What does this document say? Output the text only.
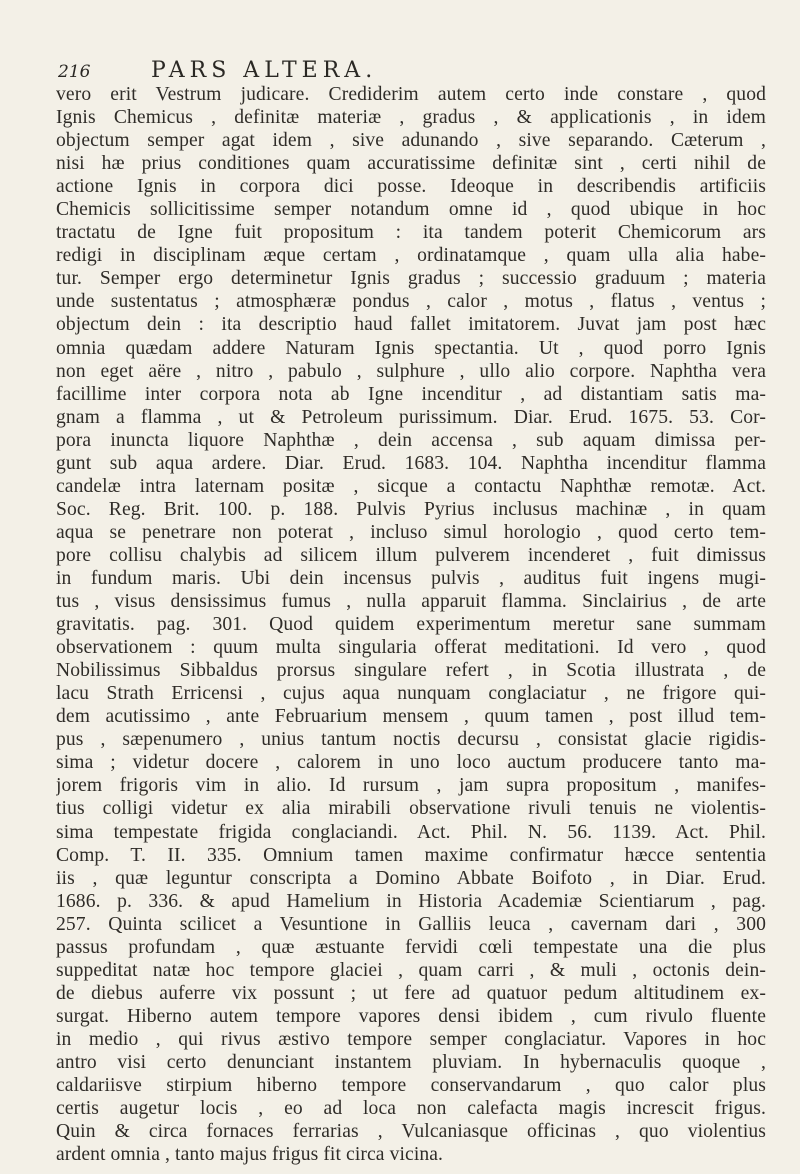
216	PARS ALTERA.
vero erit Vestrum judicare. Crediderim autem certo inde constare , quod
Ignis Chemicus , definitæ materiæ , gradus , & applicationis , in idem
objectum semper agat idem , sive adunando , sive separando. Cæterum ,
nisi hæ prius conditiones quam accuratissime definitæ sint , certi nihil de
actione Ignis in corpora dici posse. Ideoque in describendis artificiis
Chemicis sollicitissime semper notandum omne id , quod ubique in hoc
tractatu de Igne fuit propositum : ita tandem poterit Chemicorum ars
redigi in disciplinam æque certam , ordinatamque , quam ulla alia habe-
tur. Semper ergo determinetur Ignis gradus ; successio graduum ; materia
unde sustentatus ; atmosphæræ pondus , calor , motus , flatus , ventus ;
objectum dein : ita descriptio haud fallet imitatorem. Juvat jam post hæc
omnia quædam addere Naturam Ignis spectantia. Ut , quod porro Ignis
non eget aëre , nitro , pabulo , sulphure , ullo alio corpore. Naphtha vera
facillime inter corpora nota ab Igne incenditur , ad distantiam satis ma-
gnam a flamma , ut & Petroleum purissimum. Diar. Erud. 1675. 53. Cor-
pora inuncta liquore Naphthæ , dein accensa , sub aquam dimissa per-
gunt sub aqua ardere. Diar. Erud. 1683. 104. Naphtha incenditur flamma
candelæ intra laternam positæ , sicque a contactu Naphthæ remotæ. Act.
Soc. Reg. Brit. 100. p. 188. Pulvis Pyrius inclusus machinæ , in quam
aqua se penetrare non poterat , incluso simul horologio , quod certo tem-
pore collisu chalybis ad silicem illum pulverem incenderet , fuit dimissus
in fundum maris. Ubi dein incensus pulvis , auditus fuit ingens mugi-
tus , visus densissimus fumus , nulla apparuit flamma. Sinclairius , de arte
gravitatis. pag. 301. Quod quidem experimentum meretur sane summam
observationem : quum multa singularia offerat meditationi. Id vero , quod
Nobilissimus Sibbaldus prorsus singulare refert , in Scotia illustrata , de
lacu Strath Erricensi , cujus aqua nunquam conglaciatur , ne frigore qui-
dem acutissimo , ante Februarium mensem , quum tamen , post illud tem-
pus , sæpenumero , unius tantum noctis decursu , consistat glacie rigidis-
sima ; videtur docere , calorem in uno loco auctum producere tanto ma-
jorem frigoris vim in alio. Id rursum , jam supra propositum , manifes-
tius colligi videtur ex alia mirabili observatione rivuli tenuis ne violentis-
sima tempestate frigida conglaciandi. Act. Phil. N. 56. 1139. Act. Phil.
Comp. T. II. 335. Omnium tamen maxime confirmatur hæcce sententia
iis , quæ leguntur conscripta a Domino Abbate Boifoto , in Diar. Erud.
1686. p. 336. & apud Hamelium in Historia Academiæ Scientiarum , pag.
257. Quinta scilicet a Vesuntione in Galliis leuca , cavernam dari , 300
passus profundam , quæ æstuante fervidi cœli tempestate una die plus
suppeditat natæ hoc tempore glaciei , quam carri , & muli , octonis dein-
de diebus auferre vix possunt ; ut fere ad quatuor pedum altitudinem ex-
surgat. Hiberno autem tempore vapores densi ibidem , cum rivulo fluente
in medio , qui rivus æstivo tempore semper conglaciatur. Vapores in hoc
antro visi certo denunciant instantem pluviam. In hybernaculis quoque ,
caldariisve stirpium hiberno tempore conservandarum , quo calor plus
certis augetur locis , eo ad loca non calefacta magis increscit frigus.
Quin & circa fornaces ferrarias , Vulcaniasque officinas , quo violentius
ardent omnia , tanto majus frigus fit circa vicina.
